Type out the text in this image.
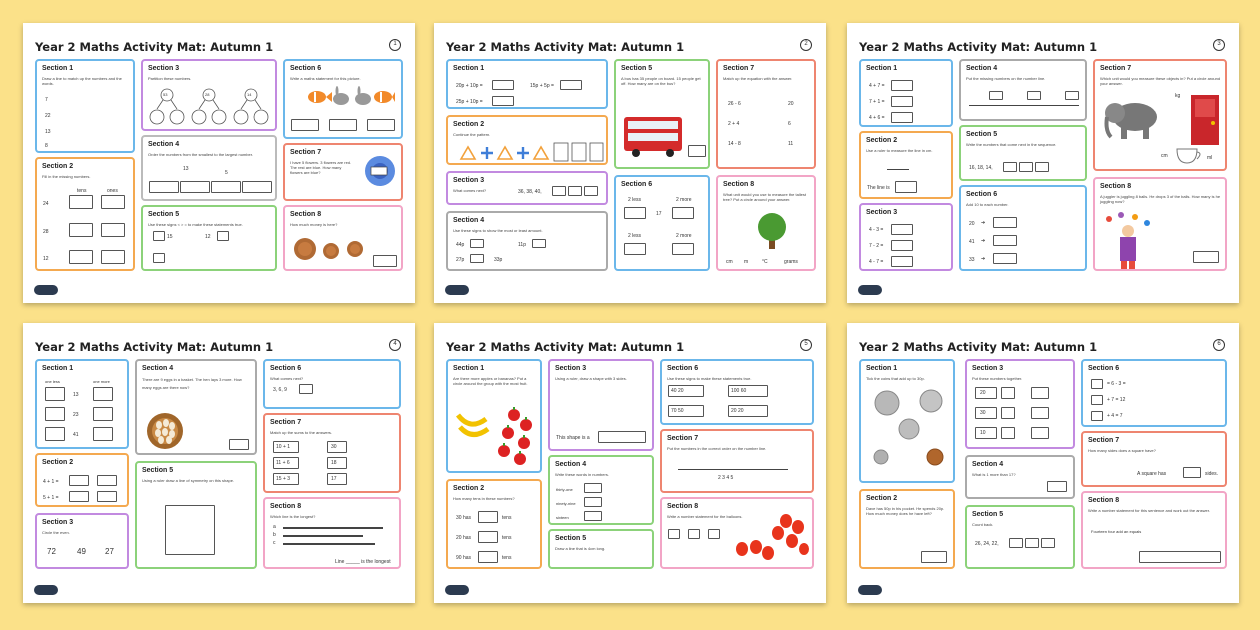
Year 2 Maths Activity Mat: Autumn 1	1
Section 1
Draw a line to match up the numbers and the words.
7
22
13
8
Section 2
Fill in the missing numbers.
tens	ones
24
28
12
Section 3
Partition these numbers.
53	28	14
Section 4
Order the numbers from the smallest to the largest number.
13
5
Section 5
Use these signs < > = to make these statements true.
15	12
Section 6
Write a maths statement for this picture.
Section 7
I have 5 flowers. 3 flowers are red. The rest are blue. How many flowers are blue?
Section 8
How much money is here?
Year 2 Maths Activity Mat: Autumn 1	2
Section 1
20p + 10p =	15p + 5p =
25p + 10p =
Section 2
Continue the pattern.
Section 3
What comes next?	36, 38, 40,
Section 4
Use these signs to show the most or least amount.
44p	11p
27p	33p
Section 5
A bus has 35 people on board. 15 people get off. How many are on the bus?
Section 6
2 less	2 more
17
2 less	2 more
Section 7
Match up the equation with the answer.
26 - 6	20
2 + 4	6
14 - 8	11
Section 8
What unit would you use to measure the tallest tree? Put a circle around your answer.
cm m	°C	grams
Year 2 Maths Activity Mat: Autumn 1	3
Section 1
4 + 7 =
7 + 1 =
4 + 6 =
Section 2
Use a ruler to measure the line in cm.
The line is
Section 3
4 - 3 =
7 - 2 =
4 - 7 =
Section 4
Put the missing numbers on the number line.
Section 5
Write the numbers that come next in the sequence.
16, 18, 14,
Section 6
Add 10 to each number.
20 ➔
41 ➔
33 ➔
Section 7
Which unit would you measure these objects in? Put a circle around your answer.
kg
cm	ml
Section 8
A juggler is juggling 8 balls. He drops 3 of the balls. How many is he juggling now?
Year 2 Maths Activity Mat: Autumn 1	4
Section 1
one less	one more
13
23
41
Section 2
4 + 1 =
5 + 1 =
Section 3
Circle the even.
72	49 27
Section 4
There are 9 eggs in a basket. The hen lays 3 more. How many eggs are there now?
Section 5
Using a ruler draw a line of symmetry on this shape.
Section 6
What comes next?
3, 6, 9
Section 7
Match up the sums to the answers.
10 + 1	30
11 + 6	18
15 + 3	17
Section 8
Which line is the longest?
a
b
c
Line _____ is the longest
Year 2 Maths Activity Mat: Autumn 1	5
Section 1
Are there more apples or bananas? Put a circle around the group with the most fruit.
Section 2
How many tens in these numbers?
30 has	tens
20 has	tens
90 has	tens
Section 3
Using a ruler, draw a shape with 3 sides.
This shape is a
Section 4
Write these words in numbers.
thirty-one
ninety-nine
sixteen
Section 5
Draw a line that is 4cm long.
Section 6
Use these signs to make these statements true.
40 20	100 60
70 50	20 20
Section 7
Put the numbers in the correct order on the number line.
2 3 4 5
Section 8
Write a number statement for the balloons.
Year 2 Maths Activity Mat: Autumn 1	6
Section 1
Tick the coins that add up to 30p.
Section 2
Dave has 50p in his pocket. He spends 20p. How much money does he have left?
Section 3
Put these numbers together.
20
30
10
Section 4
What is 1 more than 17?
Section 5
Count back.
26, 24, 22,
Section 6
= 6 - 3 =
+ 7 = 12
+ 4 = 7
Section 7
How many sides does a square have?
A square has	sides.
Section 8
Write a number statement for this sentence and work out the answer.
Fourteen four add an equals
